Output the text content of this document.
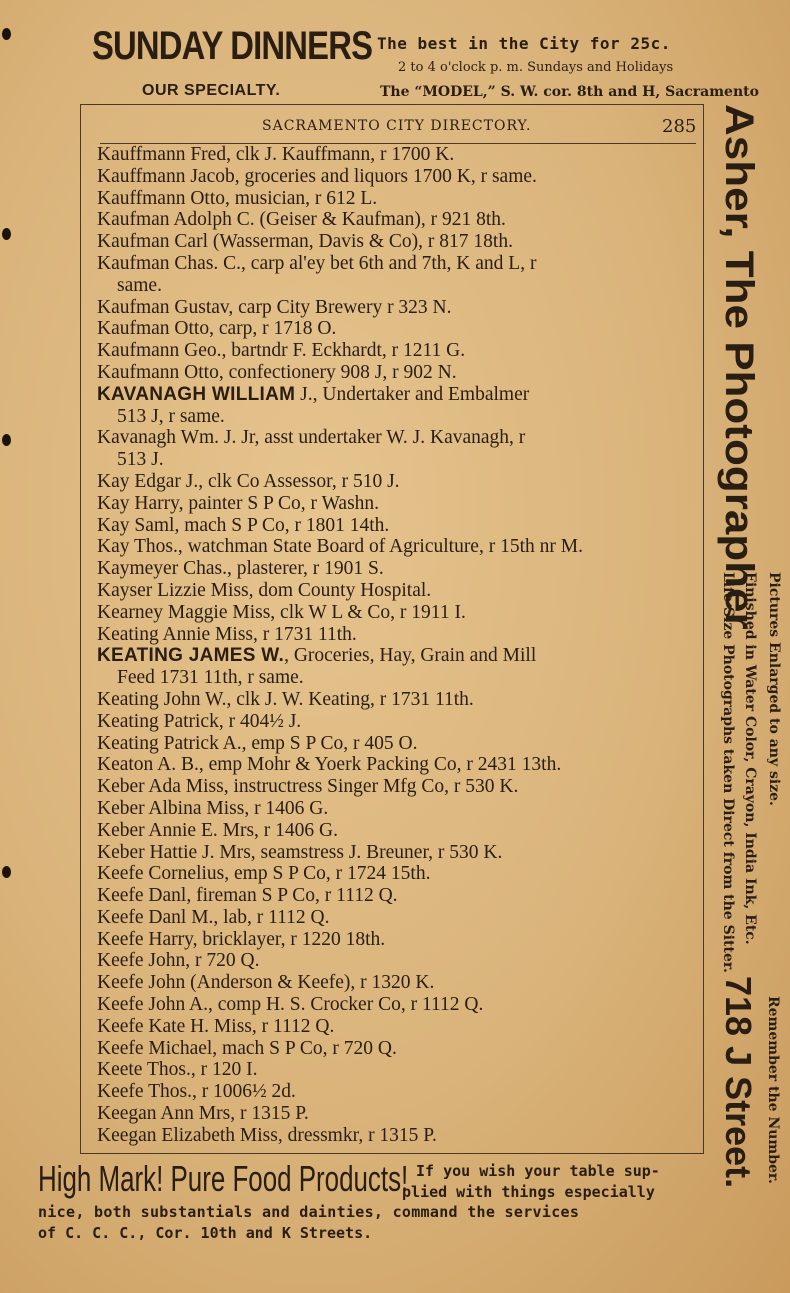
SUNDAY DINNERS
OUR SPECIALTY.
The best in the City for 25c.
2 to 4 o'clock p. m. Sundays and Holidays
The “MODEL,” S. W. cor. 8th and H, Sacramento
SACRAMENTO CITY DIRECTORY.	285
Kauffmann Fred, clk J. Kauffmann, r 1700 K.
Kauffmann Jacob, groceries and liquors 1700 K, r same.
Kauffmann Otto, musician, r 612 L.
Kaufman Adolph C. (Geiser & Kaufman), r 921 8th.
Kaufman Carl (Wasserman, Davis & Co), r 817 18th.
Kaufman Chas. C., carp al'ey bet 6th and 7th, K and L, r
same.
Kaufman Gustav, carp City Brewery r 323 N.
Kaufman Otto, carp, r 1718 O.
Kaufmann Geo., bartndr F. Eckhardt, r 1211 G.
Kaufmann Otto, confectionery 908 J, r 902 N.
KAVANAGH WILLIAM J., Undertaker and Embalmer
513 J, r same.
Kavanagh Wm. J. Jr, asst undertaker W. J. Kavanagh, r
513 J.
Kay Edgar J., clk Co Assessor, r 510 J.
Kay Harry, painter S P Co, r Washn.
Kay Saml, mach S P Co, r 1801 14th.
Kay Thos., watchman State Board of Agriculture, r 15th nr M.
Kaymeyer Chas., plasterer, r 1901 S.
Kayser Lizzie Miss, dom County Hospital.
Kearney Maggie Miss, clk W L & Co, r 1911 I.
Keating Annie Miss, r 1731 11th.
KEATING JAMES W., Groceries, Hay, Grain and Mill
Feed 1731 11th, r same.
Keating John W., clk J. W. Keating, r 1731 11th.
Keating Patrick, r 404½ J.
Keating Patrick A., emp S P Co, r 405 O.
Keaton A. B., emp Mohr & Yoerk Packing Co, r 2431 13th.
Keber Ada Miss, instructress Singer Mfg Co, r 530 K.
Keber Albina Miss, r 1406 G.
Keber Annie E. Mrs, r 1406 G.
Keber Hattie J. Mrs, seamstress J. Breuner, r 530 K.
Keefe Cornelius, emp S P Co, r 1724 15th.
Keefe Danl, fireman S P Co, r 1112 Q.
Keefe Danl M., lab, r 1112 Q.
Keefe Harry, bricklayer, r 1220 18th.
Keefe John, r 720 Q.
Keefe John (Anderson & Keefe), r 1320 K.
Keefe John A., comp H. S. Crocker Co, r 1112 Q.
Keefe Kate H. Miss, r 1112 Q.
Keefe Michael, mach S P Co, r 720 Q.
Keete Thos., r 120 I.
Keefe Thos., r 1006½ 2d.
Keegan Ann Mrs, r 1315 P.
Keegan Elizabeth Miss, dressmkr, r 1315 P.
Asher, The Photographer
Pictures Enlarged to any size.
Finished in Water Color, Crayon, India Ink, Etc.
Life Size Photographs taken Direct from the Sitter.
718 J Street. Remember the Number.
High Mark! Pure Food Products! If you wish your table sup-
plied with things especially
nice, both substantials and dainties, command the services
of C. C. C., Cor. 10th and K Streets.
